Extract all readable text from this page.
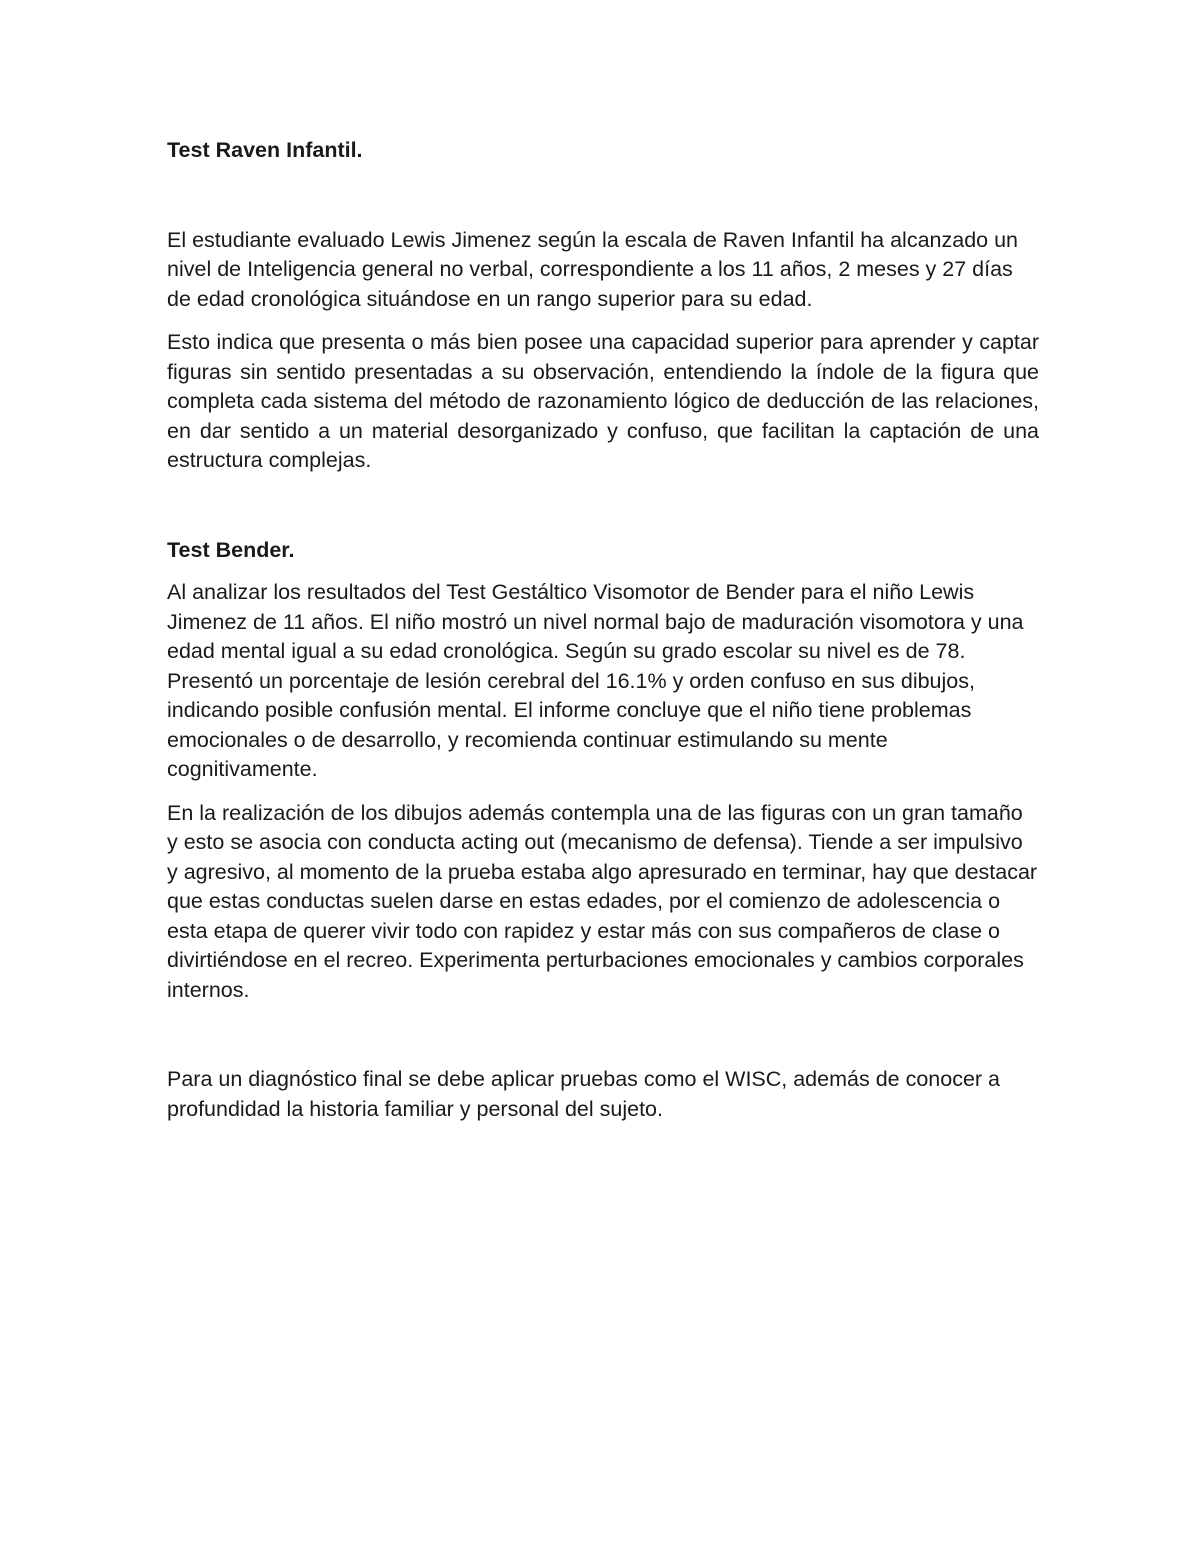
Test Raven Infantil.

El estudiante evaluado Lewis Jimenez según la escala de Raven Infantil ha alcanzado un nivel de Inteligencia general no verbal, correspondiente a los 11 años, 2 meses y 27 días de edad cronológica situándose en un rango superior para su edad.

Esto indica que presenta o más bien posee una capacidad superior para aprender y captar figuras sin sentido presentadas a su observación, entendiendo la índole de la figura que completa cada sistema del método de razonamiento lógico de deducción de las relaciones, en dar sentido a un material desorganizado y confuso, que facilitan la captación de una estructura complejas.

Test Bender.

Al analizar los resultados del Test Gestáltico Visomotor de Bender para el niño Lewis Jimenez de 11 años. El niño mostró un nivel normal bajo de maduración visomotora y una edad mental igual a su edad cronológica. Según su grado escolar su nivel es de 78. Presentó un porcentaje de lesión cerebral del 16.1% y orden confuso en sus dibujos, indicando posible confusión mental. El informe concluye que el niño tiene problemas emocionales o de desarrollo, y recomienda continuar estimulando su mente cognitivamente.

En la realización de los dibujos además contempla una de las figuras con un gran tamaño y esto se asocia con conducta acting out (mecanismo de defensa). Tiende a ser impulsivo y agresivo, al momento de la prueba estaba algo apresurado en terminar, hay que destacar que estas conductas suelen darse en estas edades, por el comienzo de adolescencia o esta etapa de querer vivir todo con rapidez y estar más con sus compañeros de clase o divirtiéndose en el recreo. Experimenta perturbaciones emocionales y cambios corporales internos.

Para un diagnóstico final se debe aplicar pruebas como el WISC, además de conocer a profundidad la historia familiar y personal del sujeto.
